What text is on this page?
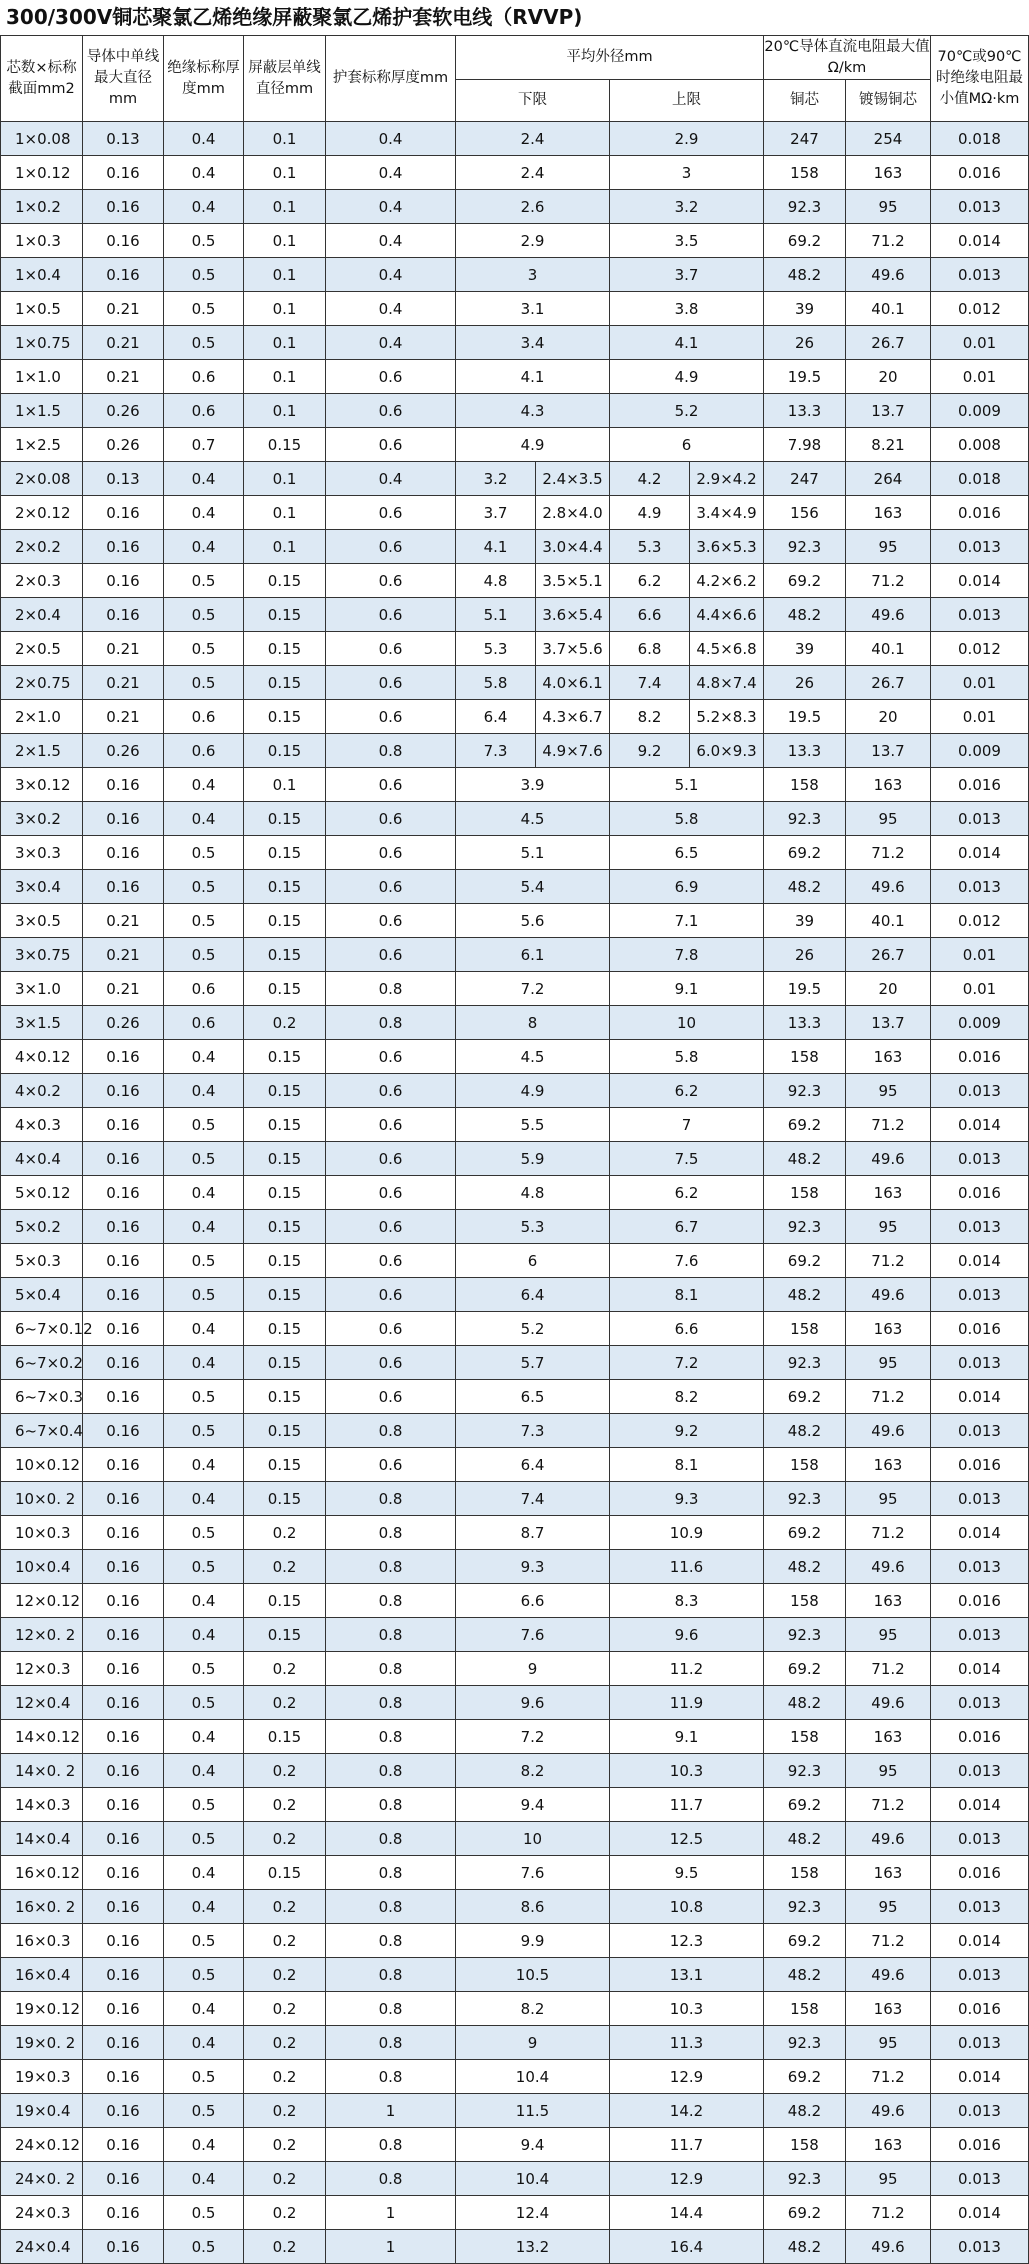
300/300V铜芯聚氯乙烯绝缘屏蔽聚氯乙烯护套软电线（RVVP)
芯数×标称截面mm2	导体中单线最大直径mm	绝缘标称厚度mm	屏蔽层单线直径mm	护套标称厚度mm	平均外径mm				20℃导体直流电阻最大值 Ω/km		70℃或90℃时绝缘电阻最小值MΩ·km
					下限		上限		铜芯	镀锡铜芯	
1×0.08	0.13	0.4	0.1	0.4	2.4		2.9		247	254	0.018
1×0.12	0.16	0.4	0.1	0.4	2.4		3		158	163	0.016
1×0.2	0.16	0.4	0.1	0.4	2.6		3.2		92.3	95	0.013
1×0.3	0.16	0.5	0.1	0.4	2.9		3.5		69.2	71.2	0.014
1×0.4	0.16	0.5	0.1	0.4	3		3.7		48.2	49.6	0.013
1×0.5	0.21	0.5	0.1	0.4	3.1		3.8		39	40.1	0.012
1×0.75	0.21	0.5	0.1	0.4	3.4		4.1		26	26.7	0.01
1×1.0	0.21	0.6	0.1	0.6	4.1		4.9		19.5	20	0.01
1×1.5	0.26	0.6	0.1	0.6	4.3		5.2		13.3	13.7	0.009
1×2.5	0.26	0.7	0.15	0.6	4.9		6		7.98	8.21	0.008
2×0.08	0.13	0.4	0.1	0.4	3.2	2.4×3.5	4.2	2.9×4.2	247	264	0.018
2×0.12	0.16	0.4	0.1	0.6	3.7	2.8×4.0	4.9	3.4×4.9	156	163	0.016
2×0.2	0.16	0.4	0.1	0.6	4.1	3.0×4.4	5.3	3.6×5.3	92.3	95	0.013
2×0.3	0.16	0.5	0.15	0.6	4.8	3.5×5.1	6.2	4.2×6.2	69.2	71.2	0.014
2×0.4	0.16	0.5	0.15	0.6	5.1	3.6×5.4	6.6	4.4×6.6	48.2	49.6	0.013
2×0.5	0.21	0.5	0.15	0.6	5.3	3.7×5.6	6.8	4.5×6.8	39	40.1	0.012
2×0.75	0.21	0.5	0.15	0.6	5.8	4.0×6.1	7.4	4.8×7.4	26	26.7	0.01
2×1.0	0.21	0.6	0.15	0.6	6.4	4.3×6.7	8.2	5.2×8.3	19.5	20	0.01
2×1.5	0.26	0.6	0.15	0.8	7.3	4.9×7.6	9.2	6.0×9.3	13.3	13.7	0.009
3×0.12	0.16	0.4	0.1	0.6	3.9		5.1		158	163	0.016
3×0.2	0.16	0.4	0.15	0.6	4.5		5.8		92.3	95	0.013
3×0.3	0.16	0.5	0.15	0.6	5.1		6.5		69.2	71.2	0.014
3×0.4	0.16	0.5	0.15	0.6	5.4		6.9		48.2	49.6	0.013
3×0.5	0.21	0.5	0.15	0.6	5.6		7.1		39	40.1	0.012
3×0.75	0.21	0.5	0.15	0.6	6.1		7.8		26	26.7	0.01
3×1.0	0.21	0.6	0.15	0.8	7.2		9.1		19.5	20	0.01
3×1.5	0.26	0.6	0.2	0.8	8		10		13.3	13.7	0.009
4×0.12	0.16	0.4	0.15	0.6	4.5		5.8		158	163	0.016
4×0.2	0.16	0.4	0.15	0.6	4.9		6.2		92.3	95	0.013
4×0.3	0.16	0.5	0.15	0.6	5.5		7		69.2	71.2	0.014
4×0.4	0.16	0.5	0.15	0.6	5.9		7.5		48.2	49.6	0.013
5×0.12	0.16	0.4	0.15	0.6	4.8		6.2		158	163	0.016
5×0.2	0.16	0.4	0.15	0.6	5.3		6.7		92.3	95	0.013
5×0.3	0.16	0.5	0.15	0.6	6		7.6		69.2	71.2	0.014
5×0.4	0.16	0.5	0.15	0.6	6.4		8.1		48.2	49.6	0.013
6~7×0.12	0.16	0.4	0.15	0.6	5.2		6.6		158	163	0.016
6~7×0.2	0.16	0.4	0.15	0.6	5.7		7.2		92.3	95	0.013
6~7×0.3	0.16	0.5	0.15	0.6	6.5		8.2		69.2	71.2	0.014
6~7×0.4	0.16	0.5	0.15	0.8	7.3		9.2		48.2	49.6	0.013
10×0.12	0.16	0.4	0.15	0.6	6.4		8.1		158	163	0.016
10×0. 2	0.16	0.4	0.15	0.8	7.4		9.3		92.3	95	0.013
10×0.3	0.16	0.5	0.2	0.8	8.7		10.9		69.2	71.2	0.014
10×0.4	0.16	0.5	0.2	0.8	9.3		11.6		48.2	49.6	0.013
12×0.12	0.16	0.4	0.15	0.8	6.6		8.3		158	163	0.016
12×0. 2	0.16	0.4	0.15	0.8	7.6		9.6		92.3	95	0.013
12×0.3	0.16	0.5	0.2	0.8	9		11.2		69.2	71.2	0.014
12×0.4	0.16	0.5	0.2	0.8	9.6		11.9		48.2	49.6	0.013
14×0.12	0.16	0.4	0.15	0.8	7.2		9.1		158	163	0.016
14×0. 2	0.16	0.4	0.2	0.8	8.2		10.3		92.3	95	0.013
14×0.3	0.16	0.5	0.2	0.8	9.4		11.7		69.2	71.2	0.014
14×0.4	0.16	0.5	0.2	0.8	10		12.5		48.2	49.6	0.013
16×0.12	0.16	0.4	0.15	0.8	7.6		9.5		158	163	0.016
16×0. 2	0.16	0.4	0.2	0.8	8.6		10.8		92.3	95	0.013
16×0.3	0.16	0.5	0.2	0.8	9.9		12.3		69.2	71.2	0.014
16×0.4	0.16	0.5	0.2	0.8	10.5		13.1		48.2	49.6	0.013
19×0.12	0.16	0.4	0.2	0.8	8.2		10.3		158	163	0.016
19×0. 2	0.16	0.4	0.2	0.8	9		11.3		92.3	95	0.013
19×0.3	0.16	0.5	0.2	0.8	10.4		12.9		69.2	71.2	0.014
19×0.4	0.16	0.5	0.2	1	11.5		14.2		48.2	49.6	0.013
24×0.12	0.16	0.4	0.2	0.8	9.4		11.7		158	163	0.016
24×0. 2	0.16	0.4	0.2	0.8	10.4		12.9		92.3	95	0.013
24×0.3	0.16	0.5	0.2	1	12.4		14.4		69.2	71.2	0.014
24×0.4	0.16	0.5	0.2	1	13.2		16.4		48.2	49.6	0.013
